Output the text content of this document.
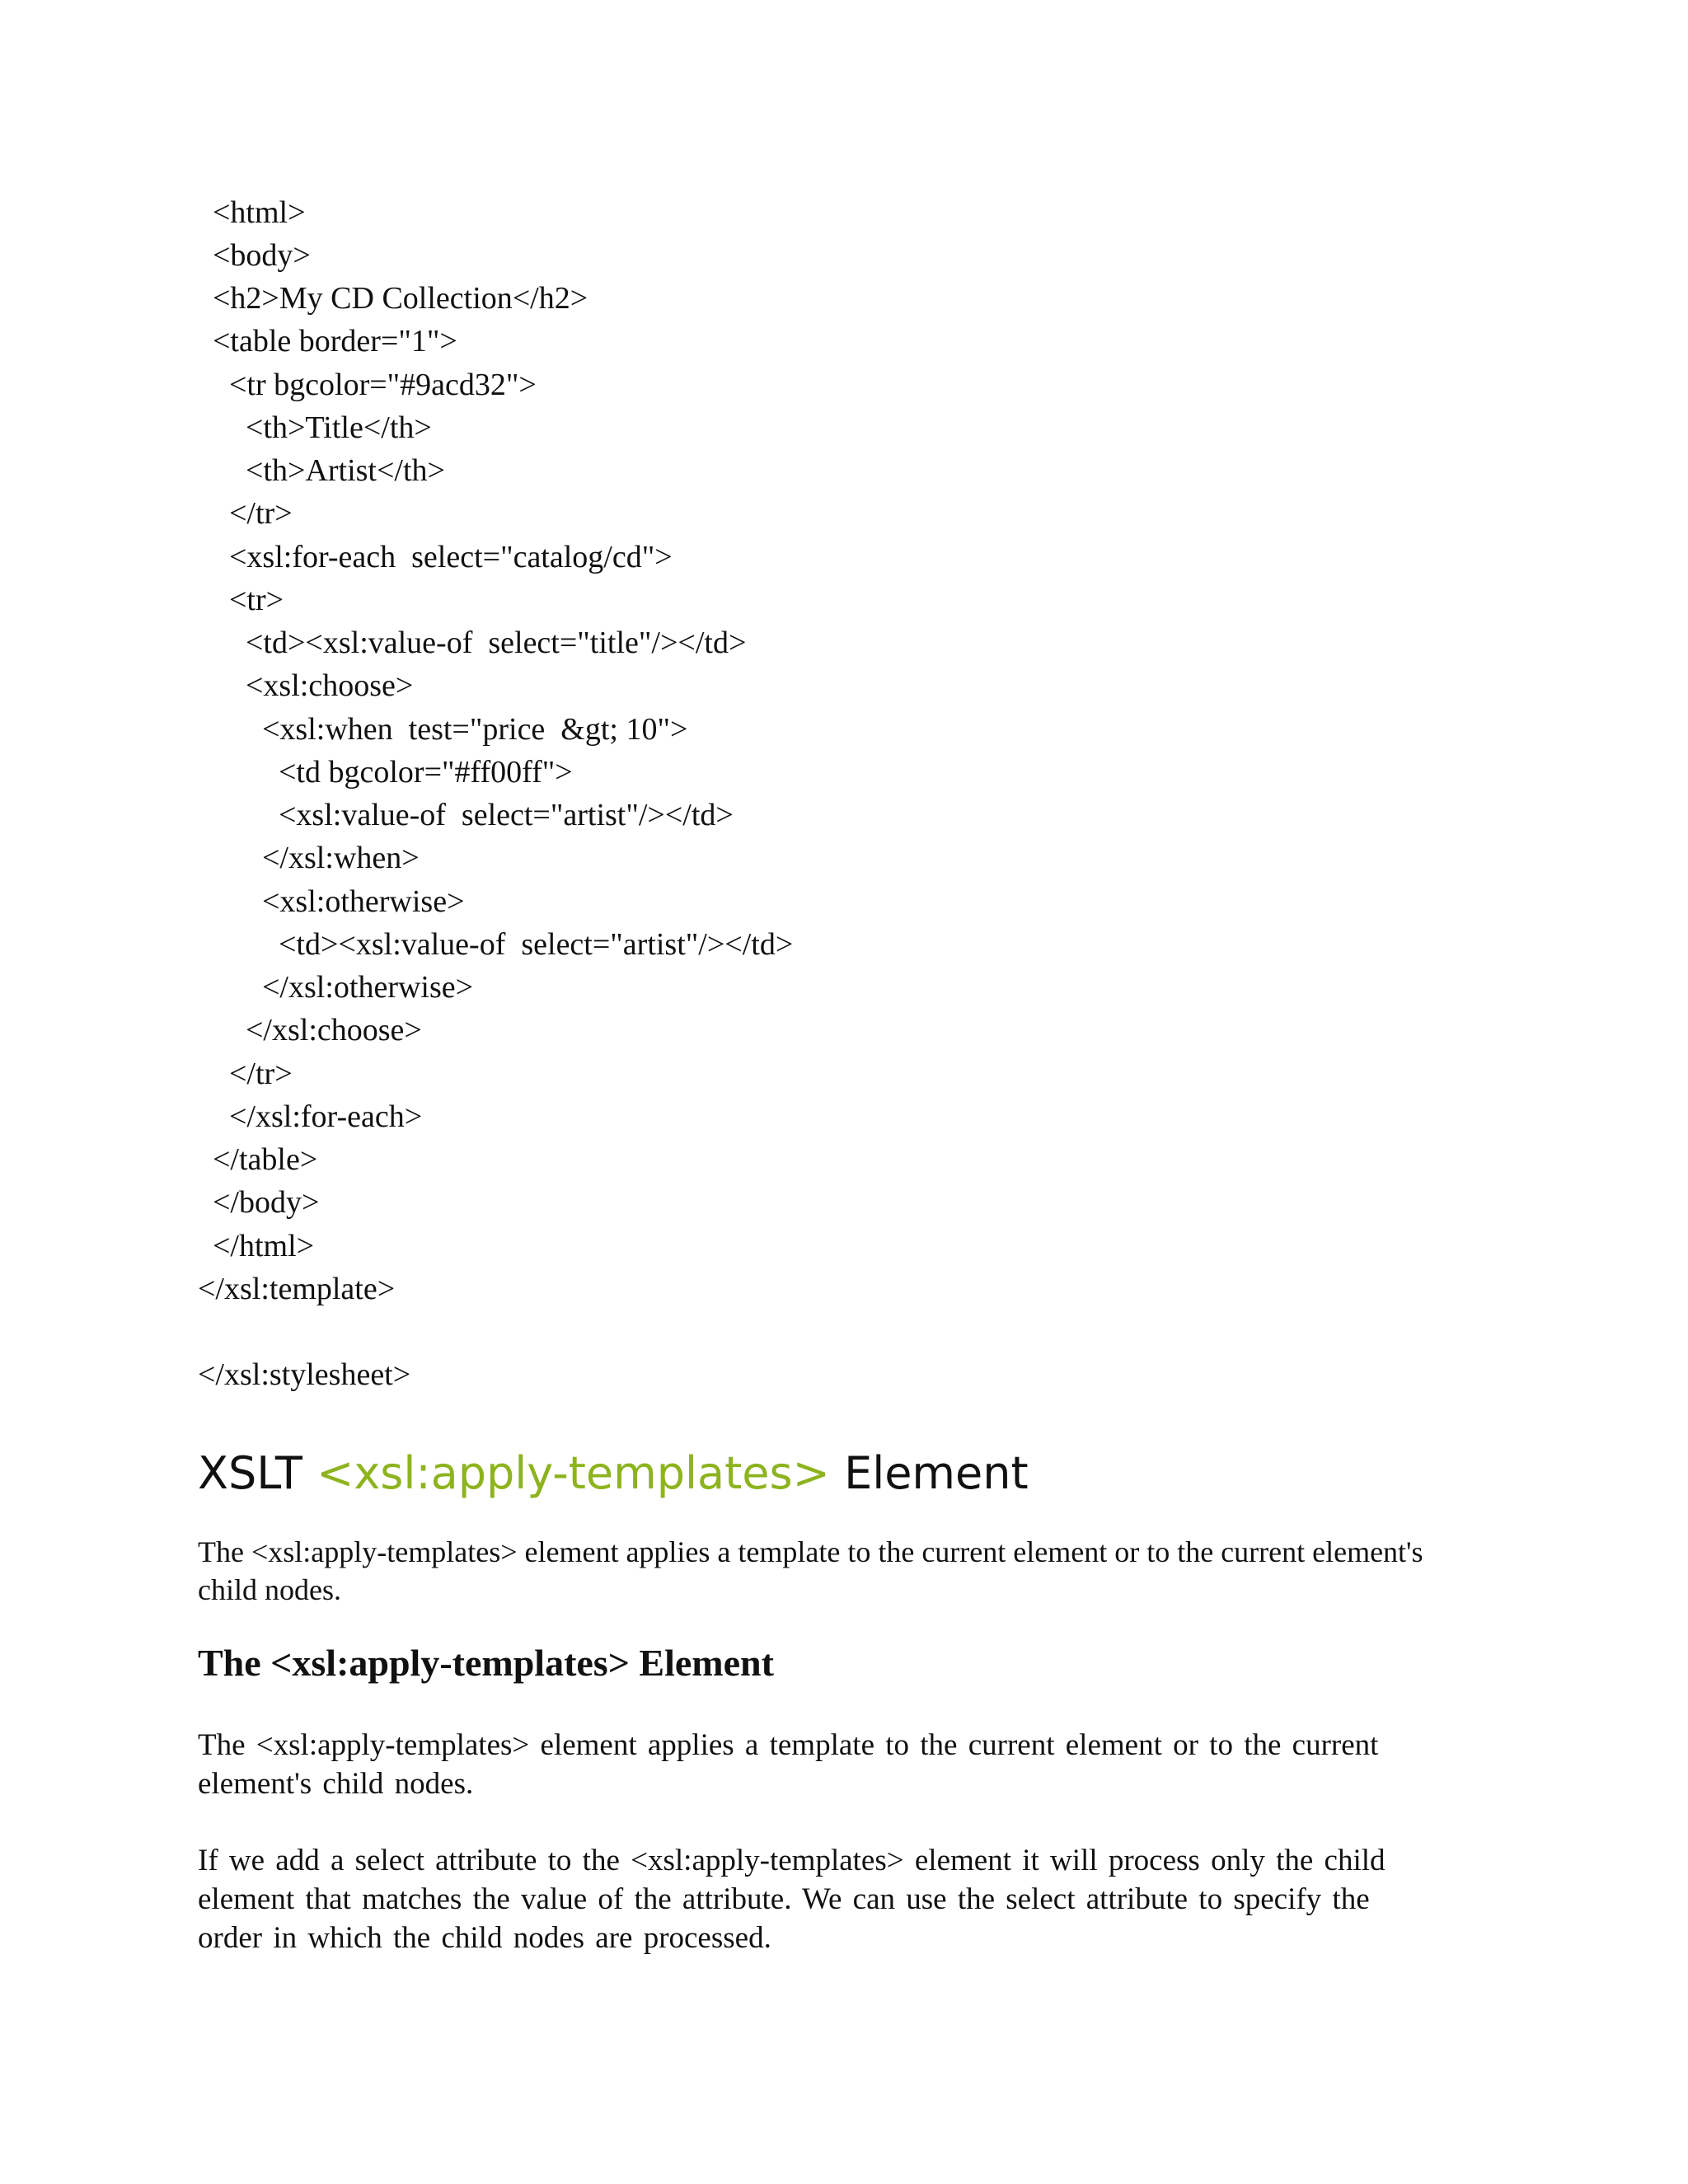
<html>
<body>
<h2>My CD Collection</h2>
<table border="1">
<tr bgcolor="#9acd32">
<th>Title</th>
<th>Artist</th>
</tr>
<xsl:for-each  select="catalog/cd">
<tr>
<td><xsl:value-of  select="title"/></td>
<xsl:choose>
<xsl:when  test="price  &gt; 10">
<td bgcolor="#ff00ff">
<xsl:value-of  select="artist"/></td>
</xsl:when>
<xsl:otherwise>
<td><xsl:value-of  select="artist"/></td>
</xsl:otherwise>
</xsl:choose>
</tr>
</xsl:for-each>
</table>
</body>
</html>
</xsl:template>
</xsl:stylesheet>
XSLT <xsl:apply-templates> Element

The <xsl:apply-templates> element applies a template to the current element or to the current element's child nodes.

The <xsl:apply-templates> Element

The <xsl:apply-templates> element applies a template to the current element or to the current element's child nodes.

If we add a select attribute to the <xsl:apply-templates> element it will process only the child element that matches the value of the attribute. We can use the select attribute to specify the order in which the child nodes are processed.
